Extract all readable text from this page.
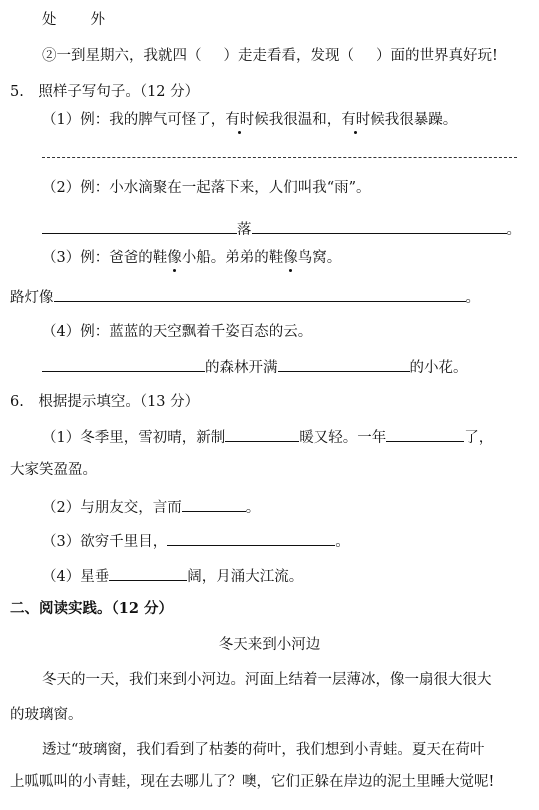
处 外
②一到星期六，我就四（ ）走走看看，发现（ ）面的世界真好玩!
5.　照样子写句子。（12 分）
（1）例：我的脾气可怪了，有时候我很温和，有时候我很暴躁。
（2）例：小水滴聚在一起落下来，人们叫我“雨”。
落	。
（3）例：爸爸的鞋像小船。弟弟的鞋像鸟窝。
路灯像	。
（4）例：蓝蓝的天空飘着千姿百态的云。
的森林开满	的小花。
6.　根据提示填空。（13 分）
（1）冬季里，雪初晴，新制	暖又轻。一年	了，
大家笑盈盈。
（2）与朋友交，言而	。
（3）欲穷千里目，	。
（4）星垂	阔，月涌大江流。
二、阅读实践。（12 分）
冬天来到小河边
冬天的一天，我们来到小河边。河面上结着一层薄冰，像一扇很大很大
的玻璃窗。
透过“玻璃窗，我们看到了枯萎的荷叶，我们想到小青蛙。夏天在荷叶
上呱呱叫的小青蛙，现在去哪儿了？噢，它们正躲在岸边的泥土里睡大觉呢!
